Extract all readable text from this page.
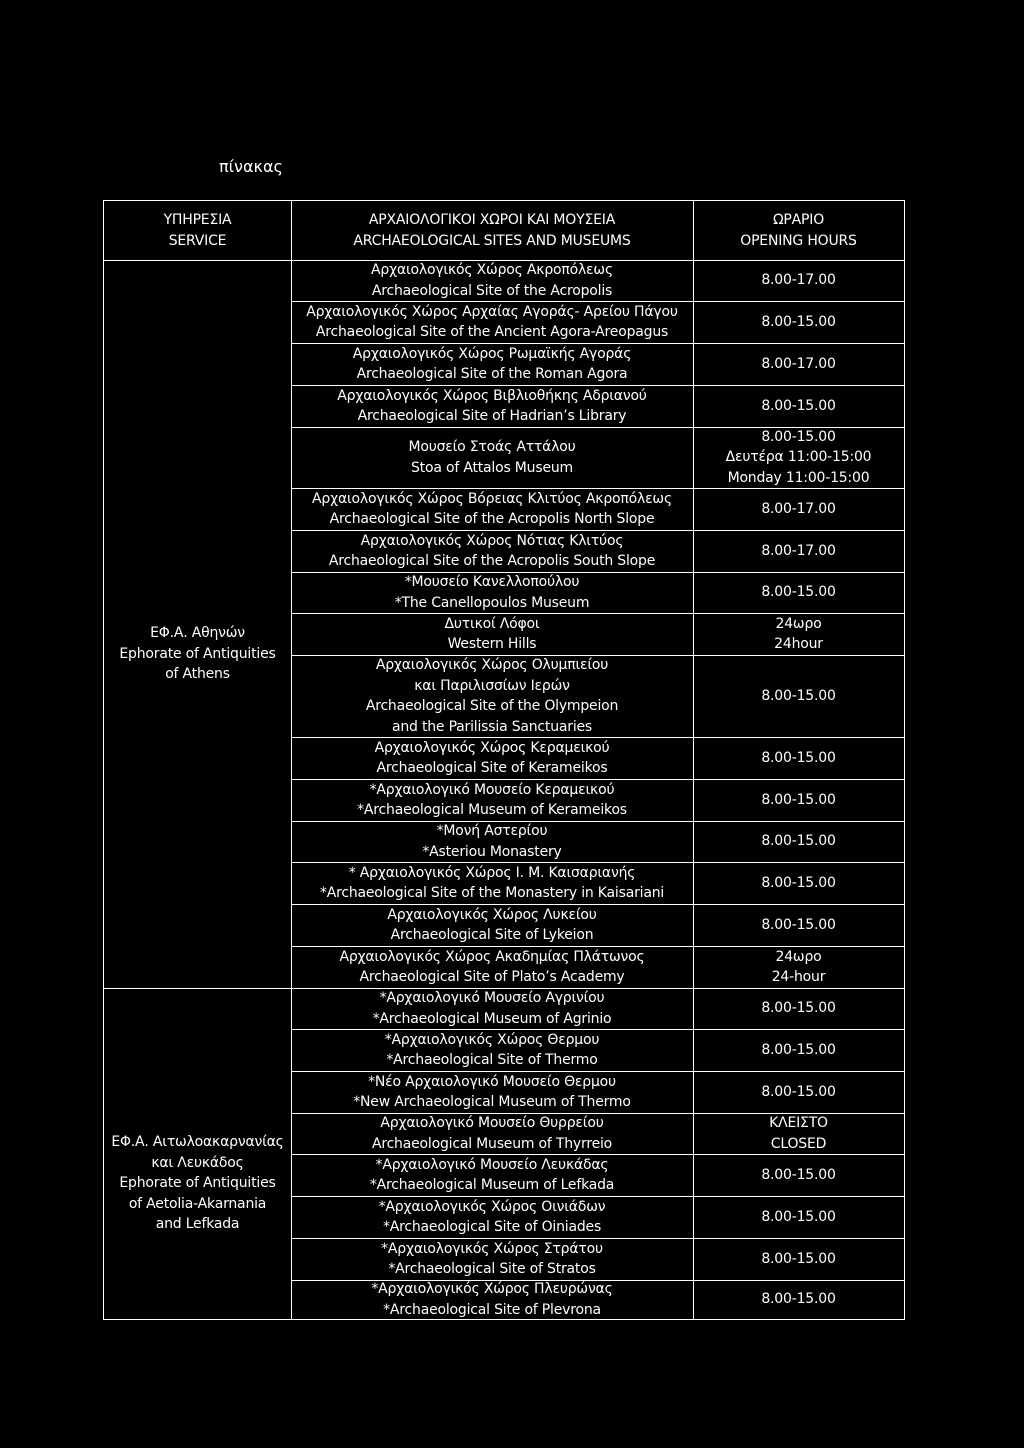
πίνακας
ΥΠΗΡΕΣΙΑ
SERVICE
ΑΡΧΑΙΟΛΟΓΙΚΟΙ ΧΩΡΟΙ ΚΑΙ ΜΟΥΣΕΙΑ
ARCHAEOLOGICAL SITES AND MUSEUMS
ΩΡΑΡΙΟ
OPENING HOURS
ΕΦ.Α. Αθηνών
Ephorate of Antiquities
of Athens
Αρχαιολογικός Χώρος Ακροπόλεως
Archaeological Site of the Acropolis
8.00-17.00
Αρχαιολογικός Χώρος Αρχαίας Αγοράς- Αρείου Πάγου
Archaeological Site of the Ancient Agora-Areopagus
8.00-15.00
Αρχαιολογικός Χώρος Ρωμαϊκής Αγοράς
Archaeological Site of the Roman Agora
8.00-17.00
Αρχαιολογικός Χώρος Βιβλιοθήκης Αδριανού
Archaeological Site of Hadrian’s Library
8.00-15.00
Μουσείο Στοάς Αττάλου
Stoa of Attalos Museum
8.00-15.00
Δευτέρα 11:00-15:00
Monday 11:00-15:00
Αρχαιολογικός Χώρος Βόρειας Κλιτύος Ακροπόλεως
Archaeological Site of the Acropolis North Slope
8.00-17.00
Αρχαιολογικός Χώρος Νότιας Κλιτύος
Archaeological Site of the Acropolis South Slope
8.00-17.00
*Μουσείο Κανελλοπούλου
*The Canellopoulos Museum
8.00-15.00
Δυτικοί Λόφοι
Western Hills
24ωρο
24hour
Αρχαιολογικός Χώρος Ολυμπιείου
και Παριλισσίων Ιερών
Archaeological Site of the Olympeion
and the Parilissia Sanctuaries
8.00-15.00
Αρχαιολογικός Χώρος Κεραμεικού
Archaeological Site of Kerameikos
8.00-15.00
*Αρχαιολογικό Μουσείο Κεραμεικού
*Archaeological Museum of Kerameikos
8.00-15.00
*Μονή Αστερίου
*Asteriou Monastery
8.00-15.00
* Αρχαιολογικός Χώρος Ι. Μ. Καισαριανής
*Archaeological Site of the Monastery in Kaisariani
8.00-15.00
Αρχαιολογικός Χώρος Λυκείου
Archaeological Site of Lykeion
8.00-15.00
Αρχαιολογικός Χώρος Ακαδημίας Πλάτωνος
Archaeological Site of Plato’s Academy
24ωρο
24-hour
ΕΦ.Α. Αιτωλοακαρνανίας
και Λευκάδος
Ephorate of Antiquities
of Aetolia-Akarnania
and Lefkada
*Αρχαιολογικό Μουσείο Αγρινίου
*Archaeological Museum of Agrinio
8.00-15.00
*Αρχαιολογικός Χώρος Θερμου
*Archaeological Site of Thermo
8.00-15.00
*Νέο Αρχαιολογικό Μουσείο Θερμου
*New Archaeological Museum of Thermo
8.00-15.00
Αρχαιολογικό Μουσείο Θυρρείου
Archaeological Museum of Thyrreio
ΚΛΕΙΣΤΟ
CLOSED
*Αρχαιολογικό Μουσείο Λευκάδας
*Archaeological Museum of Lefkada
8.00-15.00
*Αρχαιολογικός Χώρος Οινιάδων
*Archaeological Site of Oiniades
8.00-15.00
*Αρχαιολογικός Χώρος Στράτου
*Archaeological Site of Stratos
8.00-15.00
*Αρχαιολογικός Χώρος Πλευρώνας
*Archaeological Site of Plevrona
8.00-15.00
